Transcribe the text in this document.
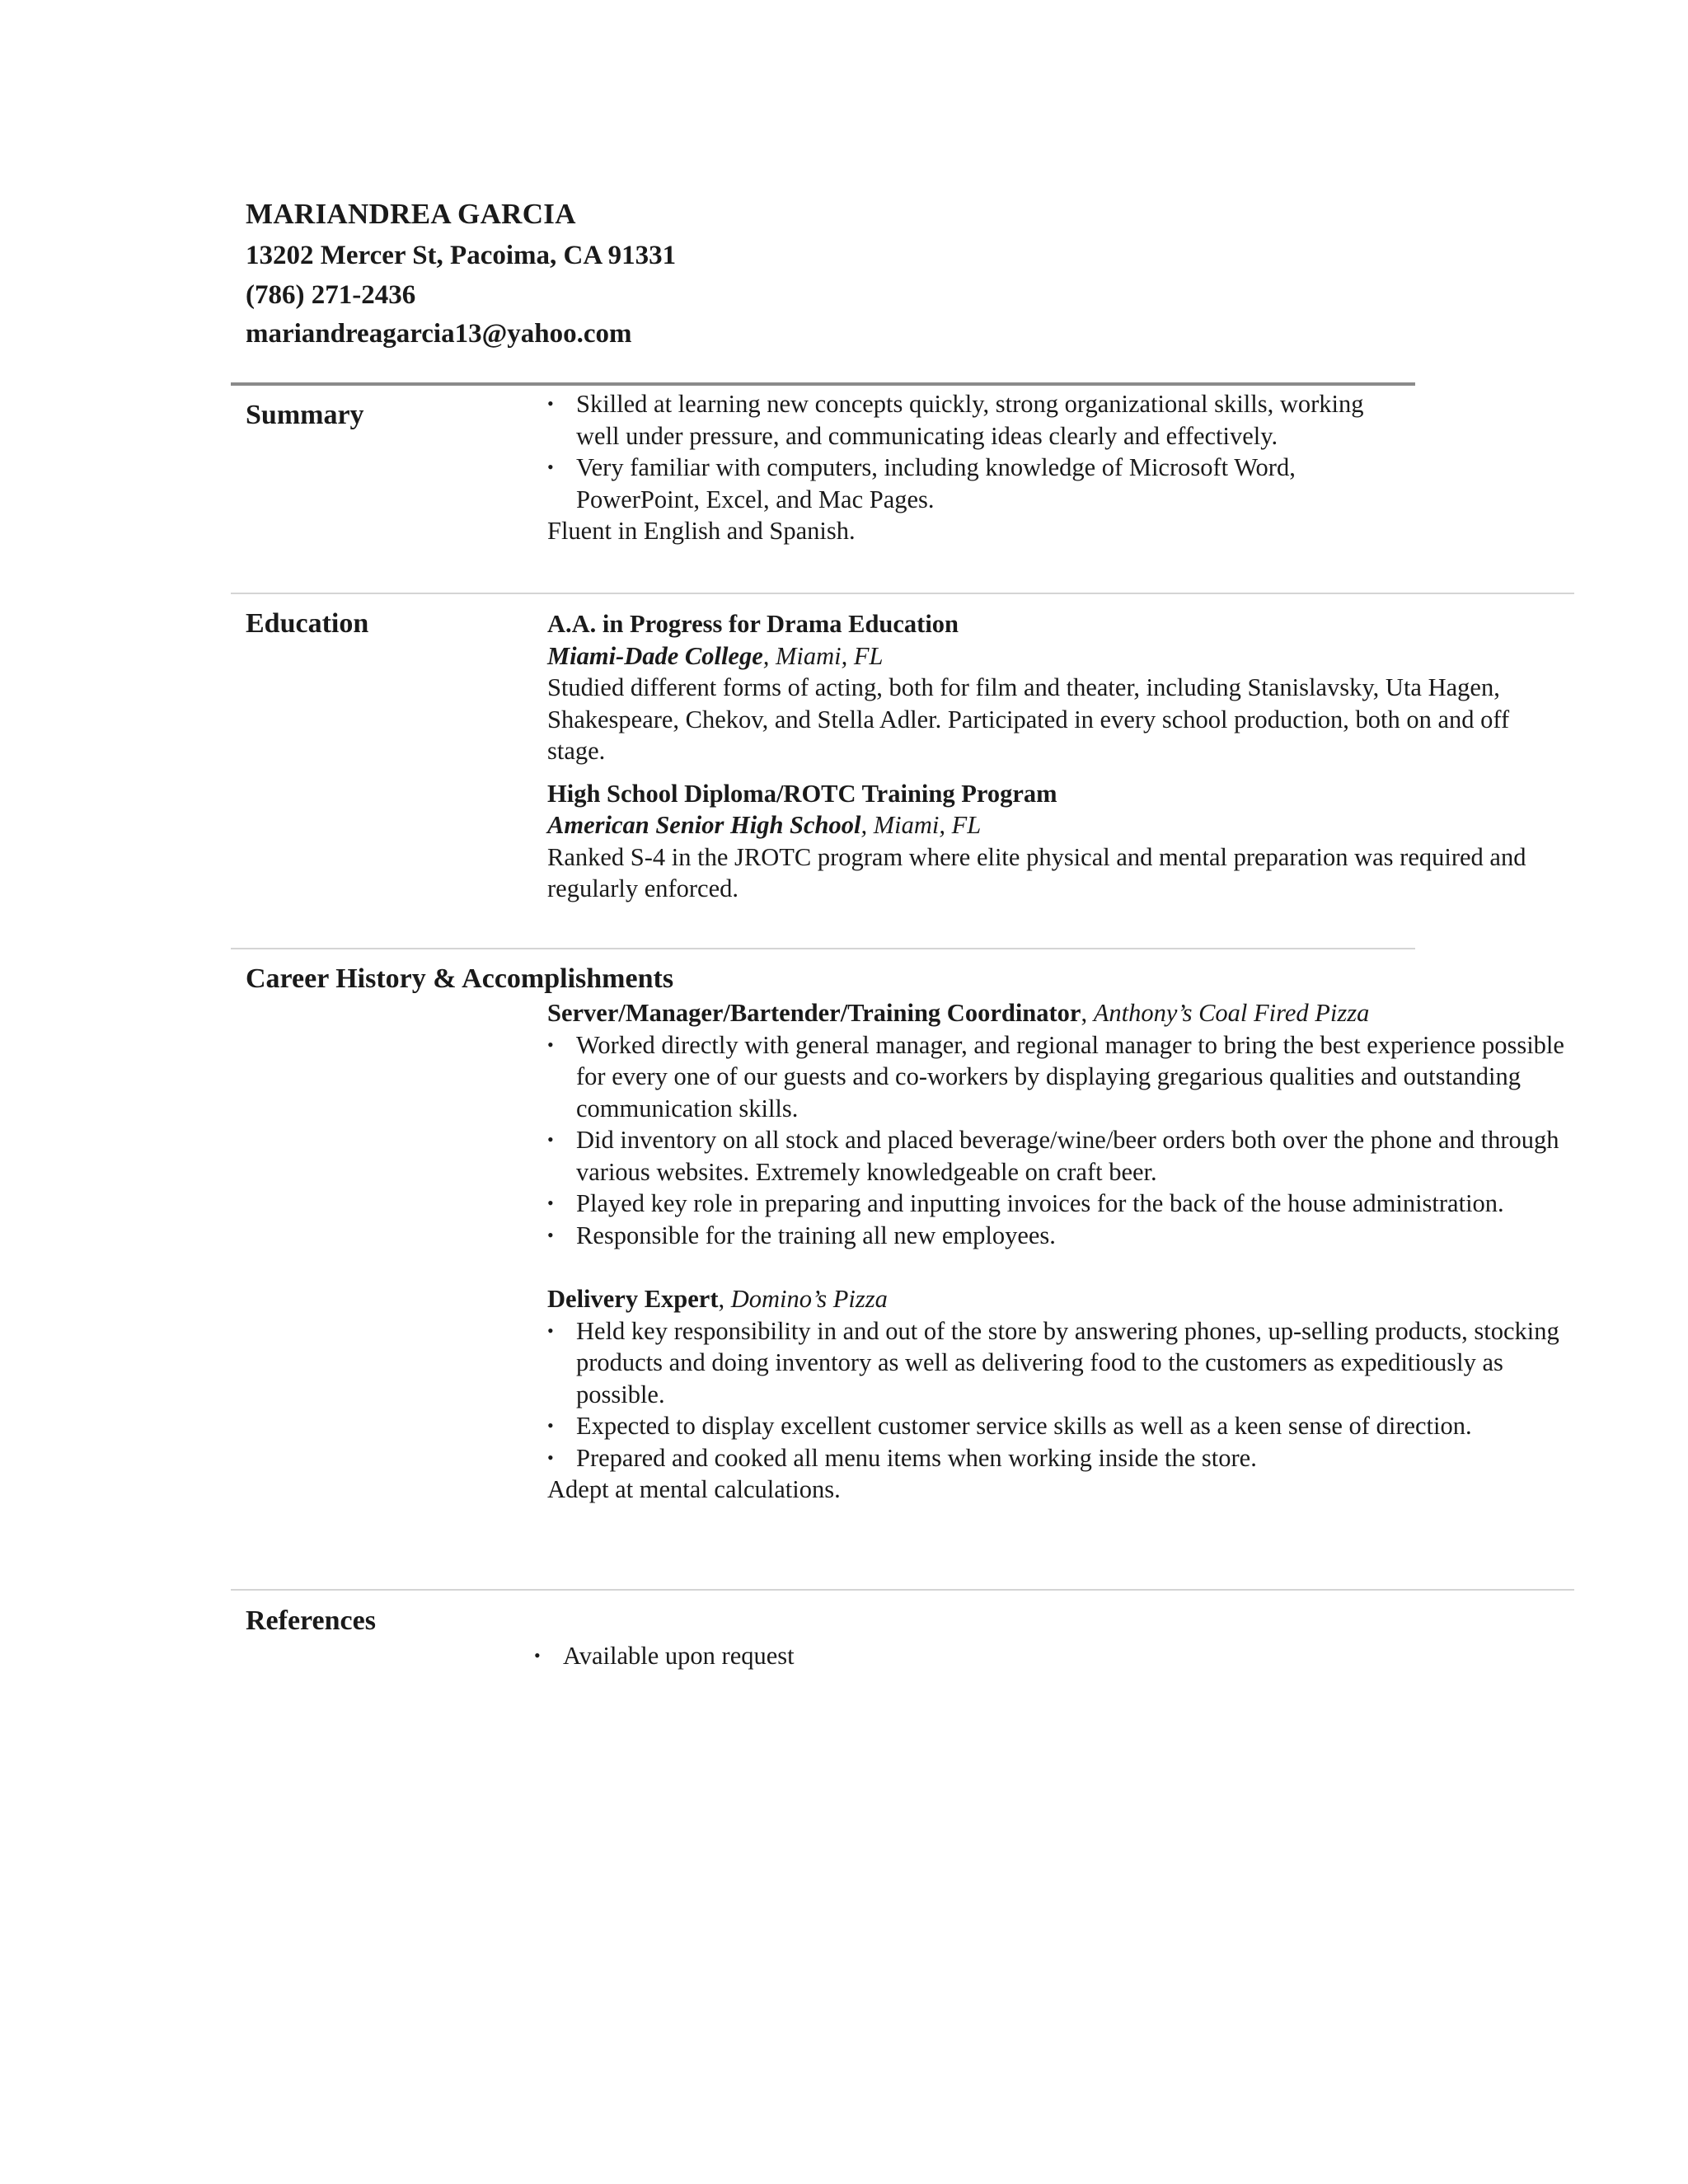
MARIANDREA GARCIA

13202 Mercer St, Pacoima, CA 91331

(786) 271-2436

mariandreagarcia13@yahoo.com

Summary
•	Skilled at learning new concepts quickly, strong organizational skills, working well under pressure, and communicating ideas clearly and effectively.
• Very familiar with computers, including knowledge of Microsoft Word, PowerPoint, Excel, and Mac Pages.

Fluent in English and Spanish.

Education	A.A. in Progress for Drama Education

Miami-Dade College, Miami, FL

Studied different forms of acting, both for film and theater, including Stanislavsky, Uta Hagen, Shakespeare, Chekov, and Stella Adler. Participated in every school production, both on and off stage.

High School Diploma/ROTC Training Program

American Senior High School, Miami, FL

Ranked S-4 in the JROTC program where elite physical and mental preparation was required and regularly enforced.

Career History & Accomplishments

Server/Manager/Bartender/Training Coordinator, Anthony’s Coal Fired Pizza

• Worked directly with general manager, and regional manager to bring the best experience possible for every one of our guests and co-workers by displaying gregarious qualities and outstanding communication skills.
• Did inventory on all stock and placed beverage/wine/beer orders both over the phone and through various websites. Extremely knowledgeable on craft beer.
• Played key role in preparing and inputting invoices for the back of the house administration.
• Responsible for the training all new employees.

Delivery Expert, Domino’s Pizza

• Held key responsibility in and out of the store by answering phones, up-selling products, stocking products and doing inventory as well as delivering food to the customers as expeditiously as possible.
• Expected to display excellent customer service skills as well as a keen sense of direction.
• Prepared and cooked all menu items when working inside the store.

Adept at mental calculations.

References
• Available upon request
